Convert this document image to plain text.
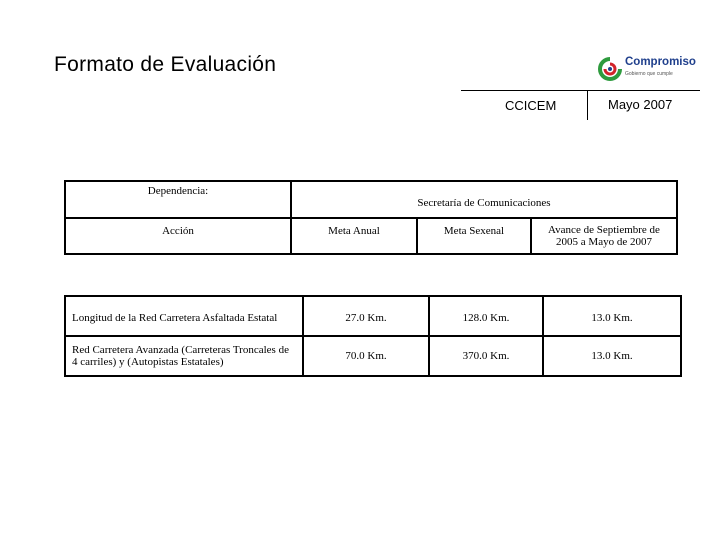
Formato de Evaluación	Compromiso
Gobierno que cumple
CCICEM	Mayo 2007
Dependencia:	Secretaría de Comunicaciones		
Acción	Meta Anual	Meta Sexenal	Avance de Septiembre de 2005 a Mayo de 2007
Longitud de la Red Carretera Asfaltada Estatal	27.0 Km.	128.0 Km.	13.0 Km.
Red Carretera Avanzada (Carreteras Troncales de 4 carriles) y (Autopistas Estatales)	70.0 Km.	370.0 Km.	13.0 Km.
